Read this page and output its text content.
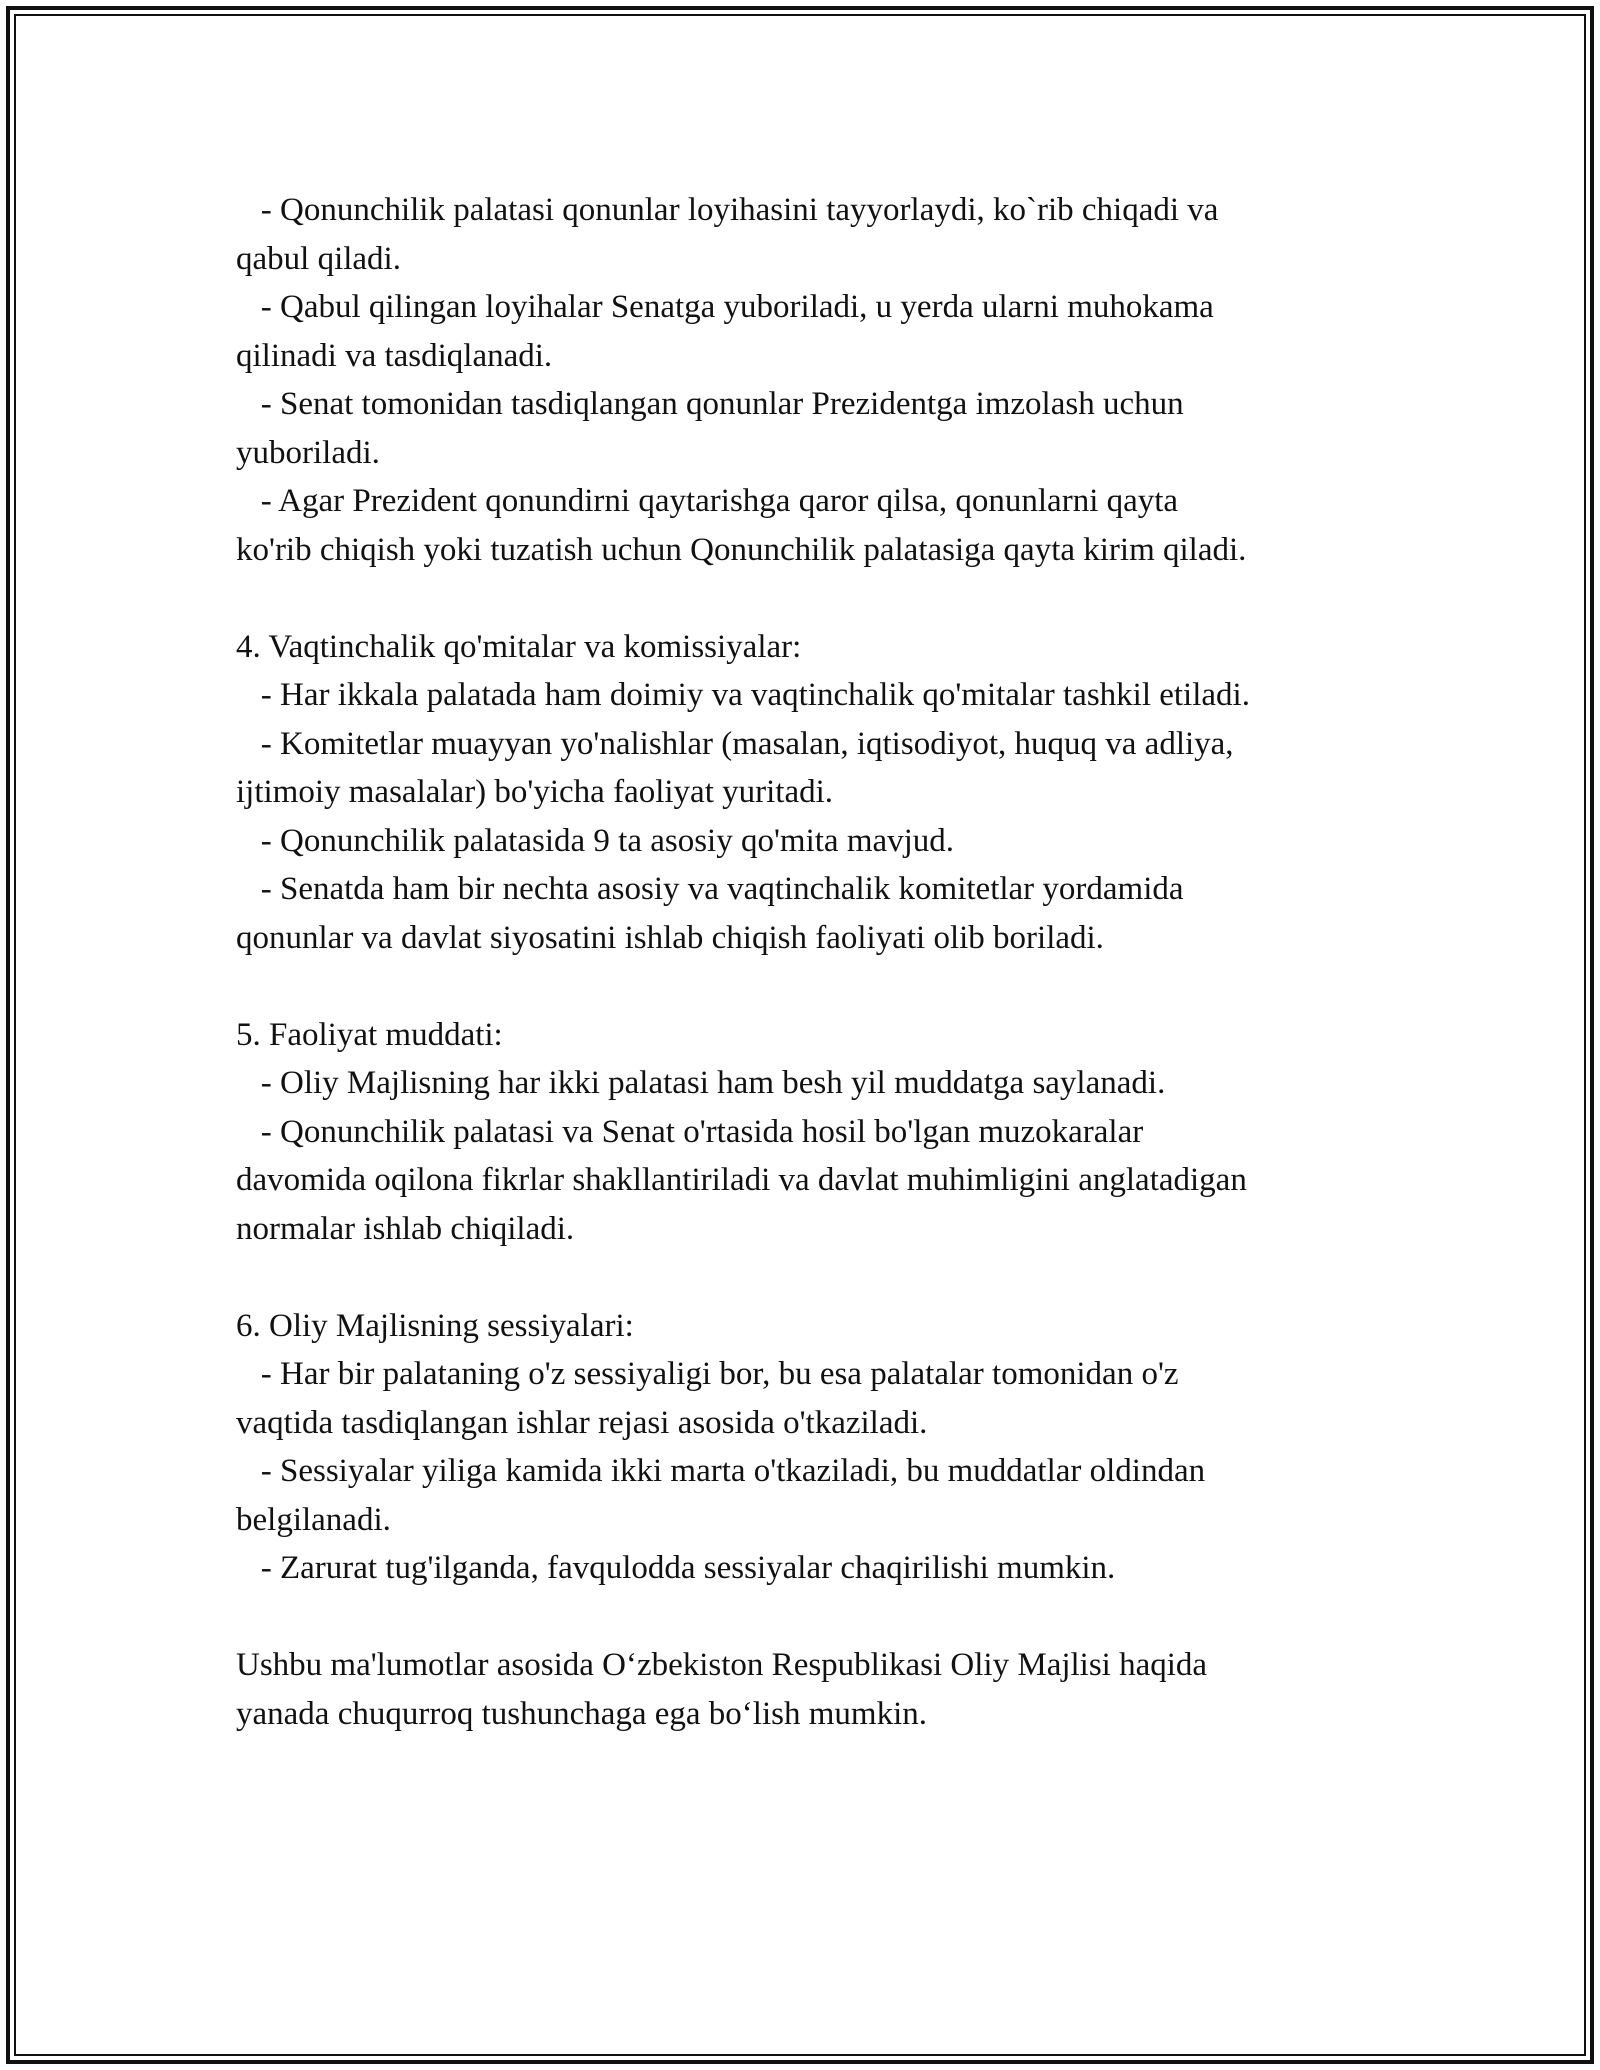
- Qonunchilik palatasi qonunlar loyihasini tayyorlaydi, ko`rib chiqadi va
qabul qiladi.
- Qabul qilingan loyihalar Senatga yuboriladi, u yerda ularni muhokama
qilinadi va tasdiqlanadi.
- Senat tomonidan tasdiqlangan qonunlar Prezidentga imzolash uchun
yuboriladi.
- Agar Prezident qonundirni qaytarishga qaror qilsa, qonunlarni qayta
ko'rib chiqish yoki tuzatish uchun Qonunchilik palatasiga qayta kirim qiladi.
4. Vaqtinchalik qo'mitalar va komissiyalar:
- Har ikkala palatada ham doimiy va vaqtinchalik qo'mitalar tashkil etiladi.
- Komitetlar muayyan yo'nalishlar (masalan, iqtisodiyot, huquq va adliya,
ijtimoiy masalalar) bo'yicha faoliyat yuritadi.
- Qonunchilik palatasida 9 ta asosiy qo'mita mavjud.
- Senatda ham bir nechta asosiy va vaqtinchalik komitetlar yordamida
qonunlar va davlat siyosatini ishlab chiqish faoliyati olib boriladi.
5. Faoliyat muddati:
- Oliy Majlisning har ikki palatasi ham besh yil muddatga saylanadi.
- Qonunchilik palatasi va Senat o'rtasida hosil bo'lgan muzokaralar
davomida oqilona fikrlar shakllantiriladi va davlat muhimligini anglatadigan
normalar ishlab chiqiladi.
6. Oliy Majlisning sessiyalari:
- Har bir palataning o'z sessiyaligi bor, bu esa palatalar tomonidan o'z
vaqtida tasdiqlangan ishlar rejasi asosida o'tkaziladi.
- Sessiyalar yiliga kamida ikki marta o'tkaziladi, bu muddatlar oldindan
belgilanadi.
- Zarurat tug'ilganda, favqulodda sessiyalar chaqirilishi mumkin.
Ushbu ma'lumotlar asosida O‘zbekiston Respublikasi Oliy Majlisi haqida
yanada chuqurroq tushunchaga ega bo‘lish mumkin.
